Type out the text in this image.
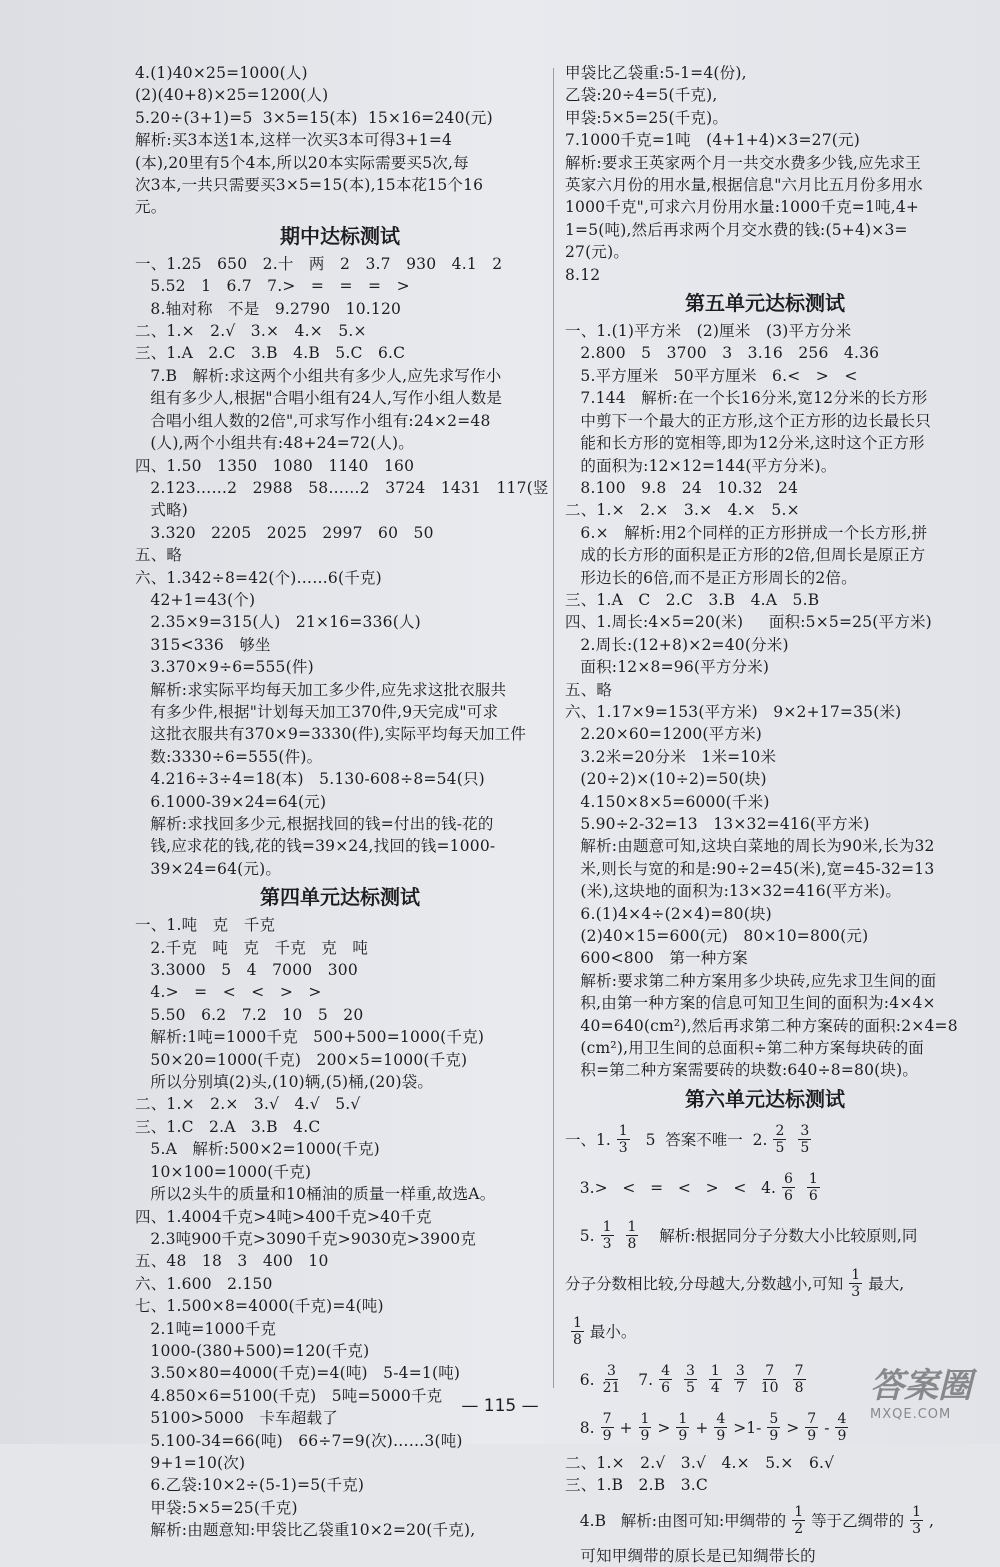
4.(1)40×25=1000(人)
(2)(40+8)×25=1200(人)
5.20÷(3+1)=5  3×5=15(本)  15×16=240(元)
解析:买3本送1本,这样一次买3本可得3+1=4
(本),20里有5个4本,所以20本实际需要买5次,每
次3本,一共只需要买3×5=15(本),15本花15个16
元。
期中达标测试
一、1.25   650   2.十   两   2   3.7   930   4.1   2
5.52   1   6.7   7.>   =   =   =   >
8.轴对称   不是   9.2790   10.120
二、1.×   2.√   3.×   4.×   5.×
三、1.A   2.C   3.B   4.B   5.C   6.C
7.B   解析:求这两个小组共有多少人,应先求写作小
组有多少人,根据"合唱小组有24人,写作小组人数是
合唱小组人数的2倍",可求写作小组有:24×2=48
(人),两个小组共有:48+24=72(人)。
四、1.50   1350   1080   1140   160
2.123……2   2988   58……2   3724   1431   117(竖
式略)
3.320   2205   2025   2997   60   50
五、略
六、1.342÷8=42(个)……6(千克)
42+1=43(个)
2.35×9=315(人)   21×16=336(人)
315<336   够坐
3.370×9÷6=555(件)
解析:求实际平均每天加工多少件,应先求这批衣服共
有多少件,根据"计划每天加工370件,9天完成"可求
这批衣服共有370×9=3330(件),实际平均每天加工件
数:3330÷6=555(件)。
4.216÷3÷4=18(本)   5.130-608÷8=54(只)
6.1000-39×24=64(元)
解析:求找回多少元,根据找回的钱=付出的钱-花的
钱,应求花的钱,花的钱=39×24,找回的钱=1000-
39×24=64(元)。
第四单元达标测试
一、1.吨   克   千克
2.千克   吨   克   千克   克   吨
3.3000   5   4   7000   300
4.>   =   <   <   >   >
5.50   6.2   7.2   10   5   20
解析:1吨=1000千克   500+500=1000(千克)
50×20=1000(千克)   200×5=1000(千克)
所以分别填(2)头,(10)辆,(5)桶,(20)袋。
二、1.×   2.×   3.√   4.√   5.√
三、1.C   2.A   3.B   4.C
5.A   解析:500×2=1000(千克)
10×100=1000(千克)
所以2头牛的质量和10桶油的质量一样重,故选A。
四、1.4004千克>4吨>400千克>40千克
2.3吨900千克>3090千克>9030克>3900克
五、48   18   3   400   10
六、1.600   2.150
七、1.500×8=4000(千克)=4(吨)
2.1吨=1000千克
1000-(380+500)=120(千克)
3.50×80=4000(千克)=4(吨)   5-4=1(吨)
4.850×6=5100(千克)   5吨=5000千克
5100>5000   卡车超载了
5.100-34=66(吨)   66÷7=9(次)……3(吨)
9+1=10(次)
6.乙袋:10×2÷(5-1)=5(千克)
甲袋:5×5=25(千克)
解析:由题意知:甲袋比乙袋重10×2=20(千克),
甲袋比乙袋重:5-1=4(份),
乙袋:20÷4=5(千克),
甲袋:5×5=25(千克)。
7.1000千克=1吨   (4+1+4)×3=27(元)
解析:要求王英家两个月一共交水费多少钱,应先求王
英家六月份的用水量,根据信息"六月比五月份多用水
1000千克",可求六月份用水量:1000千克=1吨,4+
1=5(吨),然后再求两个月交水费的钱:(5+4)×3=
27(元)。
8.12
第五单元达标测试
一、1.(1)平方米   (2)厘米   (3)平方分米
2.800   5   3700   3   3.16   256   4.36
5.平方厘米   50平方厘米   6.<   >   <
7.144   解析:在一个长16分米,宽12分米的长方形
中剪下一个最大的正方形,这个正方形的边长最长只
能和长方形的宽相等,即为12分米,这时这个正方形
的面积为:12×12=144(平方分米)。
8.100   9.8   24   10.32   24
二、1.×   2.×   3.×   4.×   5.×
6.×   解析:用2个同样的正方形拼成一个长方形,拼
成的长方形的面积是正方形的2倍,但周长是原正方
形边长的6倍,而不是正方形周长的2倍。
三、1.A   C   2.C   3.B   4.A   5.B
四、1.周长:4×5=20(米)     面积:5×5=25(平方米)
2.周长:(12+8)×2=40(分米)
面积:12×8=96(平方分米)
五、略
六、1.17×9=153(平方米)   9×2+17=35(米)
2.20×60=1200(平方米)
3.2米=20分米   1米=10米
(20÷2)×(10÷2)=50(块)
4.150×8×5=6000(千米)
5.90÷2-32=13   13×32=416(平方米)
解析:由题意可知,这块白菜地的周长为90米,长为32
米,则长与宽的和是:90÷2=45(米),宽=45-32=13
(米),这块地的面积为:13×32=416(平方米)。
6.(1)4×4÷(2×4)=80(块)
(2)40×15=600(元)   80×10=800(元)
600<800   第一种方案
解析:要求第二种方案用多少块砖,应先求卫生间的面
积,由第一种方案的信息可知卫生间的面积为:4×4×
40=640(cm²),然后再求第二种方案砖的面积:2×4=8
(cm²),用卫生间的总面积÷第二种方案每块砖的面
积=第二种方案需要砖的块数:640÷8=80(块)。
第六单元达标测试
一、1. $\frac{1}{3} 5$  答案不唯一  2. $\frac{2}{5} \frac{3}{5}$
3.>   <   =   <   >   <   4. $\frac{6}{6} \frac{1}{6}$
5. $\frac{1}{3} \frac{1}{8}$ 解析:根据同分子分数大小比较原则,同
分子分数相比较,分母越大,分数越小,可知 $\frac{1}{3}$ 最大,
$\frac{1}{8}$ 最小。
6. $\frac{3}{21} 7$. $\frac{4}{6} \frac{3}{5} \frac{1}{4} \frac{3}{7} \frac{7}{10} \frac{7}{8}$
8. $\frac{7}{9} + \frac{1}{9} > \frac{1}{9} + \frac{4}{9} >1- \frac{5}{9} > \frac{7}{9} - \frac{4}{9}$
二、1.×   2.√   3.√   4.×   5.×   6.√
三、1.B   2.B   3.C
4.B   解析:由图可知:甲绸带的 $\frac{1}{2}$ 等于乙绸带的 $\frac{1}{3}$ ,
可知甲绸带的原长是已知绸带长的
— 115 —	答案圈
MXQE.COM
